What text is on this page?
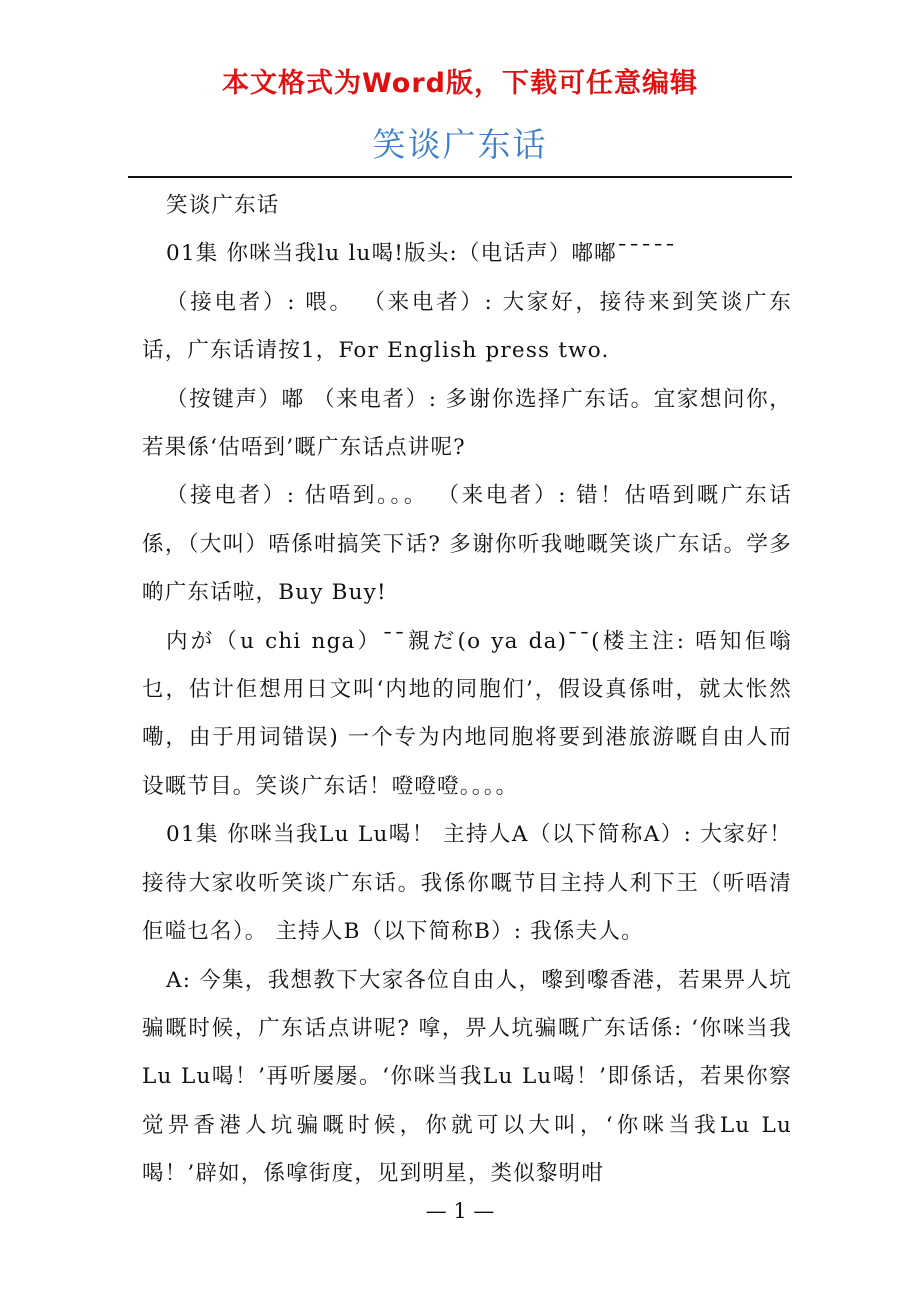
本文格式为Word版，下载可任意编辑
笑谈广东话

笑谈广东话

01集 你咪当我lu lu喝!版头:（电话声）嘟嘟¯¯¯¯¯

（接电者）: 喂。 （来电者）: 大家好，接待来到笑谈广东话，广东话请按1，For English press two.

（按键声）嘟 （来电者）: 多谢你选择广东话。宜家想问你，若果係‘估唔到’嘅广东话点讲呢?

（接电者）: 估唔到。。。 （来电者）: 错！估唔到嘅广东话係，（大叫）唔係咁搞笑下话? 多谢你听我哋嘅笑谈广东话。学多啲广东话啦，Buy Buy!

内が（u chi nga）¯¯親だ(o ya da)¯¯(楼主注: 唔知佢嗡乜，估计佢想用日文叫‘内地的同胞们’，假设真係咁，就太怅然嘞，由于用词错误) 一个专为内地同胞将要到港旅游嘅自由人而设嘅节目。笑谈广东话！噔噔噔。。。。

01集 你咪当我Lu Lu喝！ 主持人A（以下简称A）: 大家好！接待大家收听笑谈广东话。我係你嘅节目主持人利下王（听唔清佢嗌乜名）。 主持人B（以下简称B）: 我係夫人。

A: 今集，我想教下大家各位自由人，嚟到嚟香港，若果畀人坑骗嘅时候，广东话点讲呢? 嗱，畀人坑骗嘅广东话係: ‘你咪当我Lu Lu喝！’再听屡屡。‘你咪当我Lu Lu喝！’即係话，若果你察觉畀香港人坑骗嘅时候，你就可以大叫，‘你咪当我Lu Lu喝！’辟如，係嗱街度，见到明星，类似黎明咁

— 1 —
